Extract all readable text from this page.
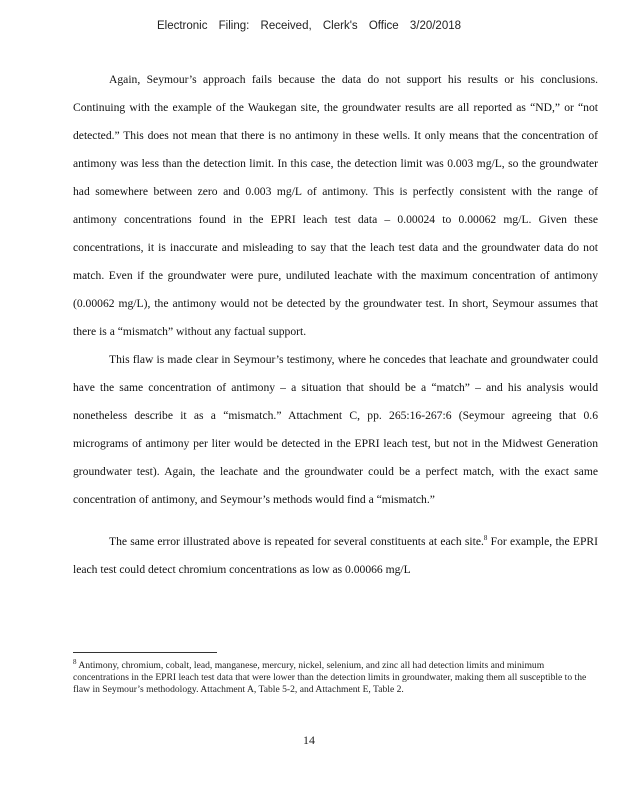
Electronic Filing: Received, Clerk's Office 3/20/2018

Again, Seymour’s approach fails because the data do not support his results or his conclusions. Continuing with the example of the Waukegan site, the groundwater results are all reported as “ND,” or “not detected.” This does not mean that there is no antimony in these wells. It only means that the concentration of antimony was less than the detection limit. In this case, the detection limit was 0.003 mg/L, so the groundwater had somewhere between zero and 0.003 mg/L of antimony. This is perfectly consistent with the range of antimony concentrations found in the EPRI leach test data – 0.00024 to 0.00062 mg/L. Given these concentrations, it is inaccurate and misleading to say that the leach test data and the groundwater data do not match. Even if the groundwater were pure, undiluted leachate with the maximum concentration of antimony (0.00062 mg/L), the antimony would not be detected by the groundwater test. In short, Seymour assumes that there is a “mismatch” without any factual support.

This flaw is made clear in Seymour’s testimony, where he concedes that leachate and groundwater could have the same concentration of antimony – a situation that should be a “match” – and his analysis would nonetheless describe it as a “mismatch.” Attachment C, pp. 265:16-267:6 (Seymour agreeing that 0.6 micrograms of antimony per liter would be detected in the EPRI leach test, but not in the Midwest Generation groundwater test). Again, the leachate and the groundwater could be a perfect match, with the exact same concentration of antimony, and Seymour’s methods would find a “mismatch.”

The same error illustrated above is repeated for several constituents at each site.$^8$ For example, the EPRI leach test could detect chromium concentrations as low as 0.00066 mg/L

$^8$ Antimony, chromium, cobalt, lead, manganese, mercury, nickel, selenium, and zinc all had detection limits and minimum concentrations in the EPRI leach test data that were lower than the detection limits in groundwater, making them all susceptible to the flaw in Seymour’s methodology. Attachment A, Table 5-2, and Attachment E, Table 2.
14
